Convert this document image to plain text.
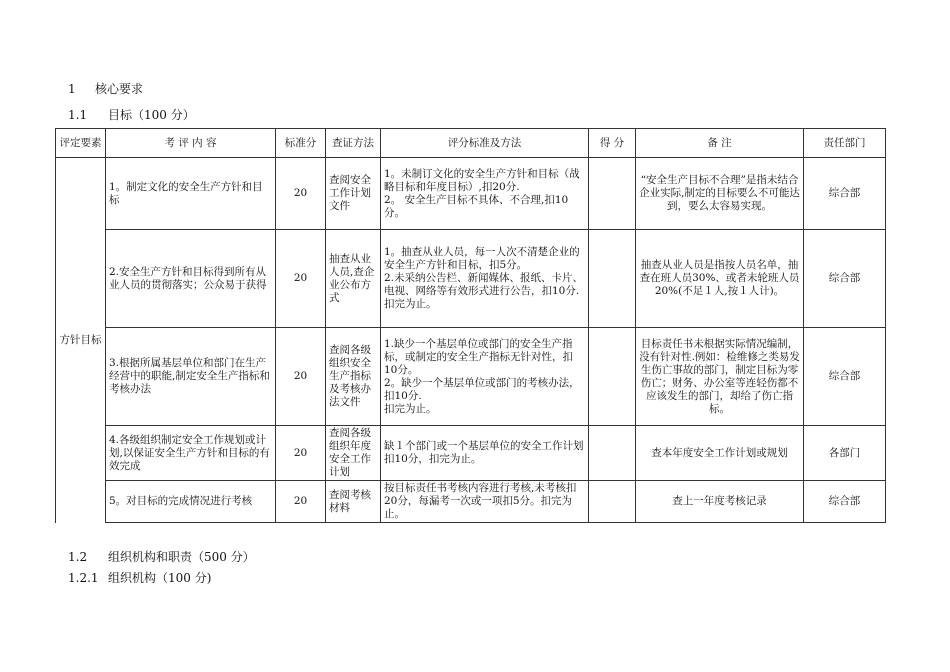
1 核心要求
1.1 目标（100 分）
评定要素	考 评 内 容	标准分	查证方法	评分标准及方法	得 分	备 注	责任部门
方针目标	1。制定文化的安全生产方针和目标	20	查阅安全工作计划文件	1。未制订文化的安全生产方针和目标（战略目标和年度目标）,扣20分.
2。 安全生产目标不具体、不合理,扣10分。		“安全生产目标不合理”是指未结合企业实际,制定的目标要么不可能达到，要么太容易实现。	综合部
	2.安全生产方针和目标得到所有从业人员的贯彻落实；公众易于获得	20	抽查从业人员,查企业公布方式	1。抽查从业人员，每一人次不清楚企业的安全生产方针和目标，扣5分。
2.未采纳公告栏、新闻媒体、报纸、卡片、电视、网络等有效形式进行公告，扣10分.
扣完为止。		抽查从业人员是指按人员名单，抽查在班人员30%、或者未轮班人员 20%(不足１人,按１人计)。	综合部
	3.根据所属基层单位和部门在生产经营中的职能,制定安全生产指标和考核办法	20	查阅各级组织安全生产指标及考核办法文件	1.缺少一个基层单位或部门的安全生产指标，或制定的安全生产指标无针对性，扣10分。
2。缺少一个基层单位或部门的考核办法，扣10分.
扣完为止。		目标责任书未根据实际情况编制，没有针对性.例如：检维修之类易发生伤亡事故的部门，制定目标为零伤亡；财务、办公室等连轻伤都不应该发生的部门，却给了伤亡指标。	综合部
	4.各级组织制定安全工作规划或计划,以保证安全生产方针和目标的有效完成	20	查阅各级组织年度安全工作计划	缺１个部门或一个基层单位的安全工作计划扣10分，扣完为止。		查本年度安全工作计划或规划	各部门
	5。对目标的完成情况进行考核	20	查阅考核材料	按目标责任书考核内容进行考核,未考核扣20分，每漏考一次或一项扣5分。扣完为止。		查上一年度考核记录	综合部
1.2 组织机构和职责（500 分）
1.2.1 组织机构（100 分)
